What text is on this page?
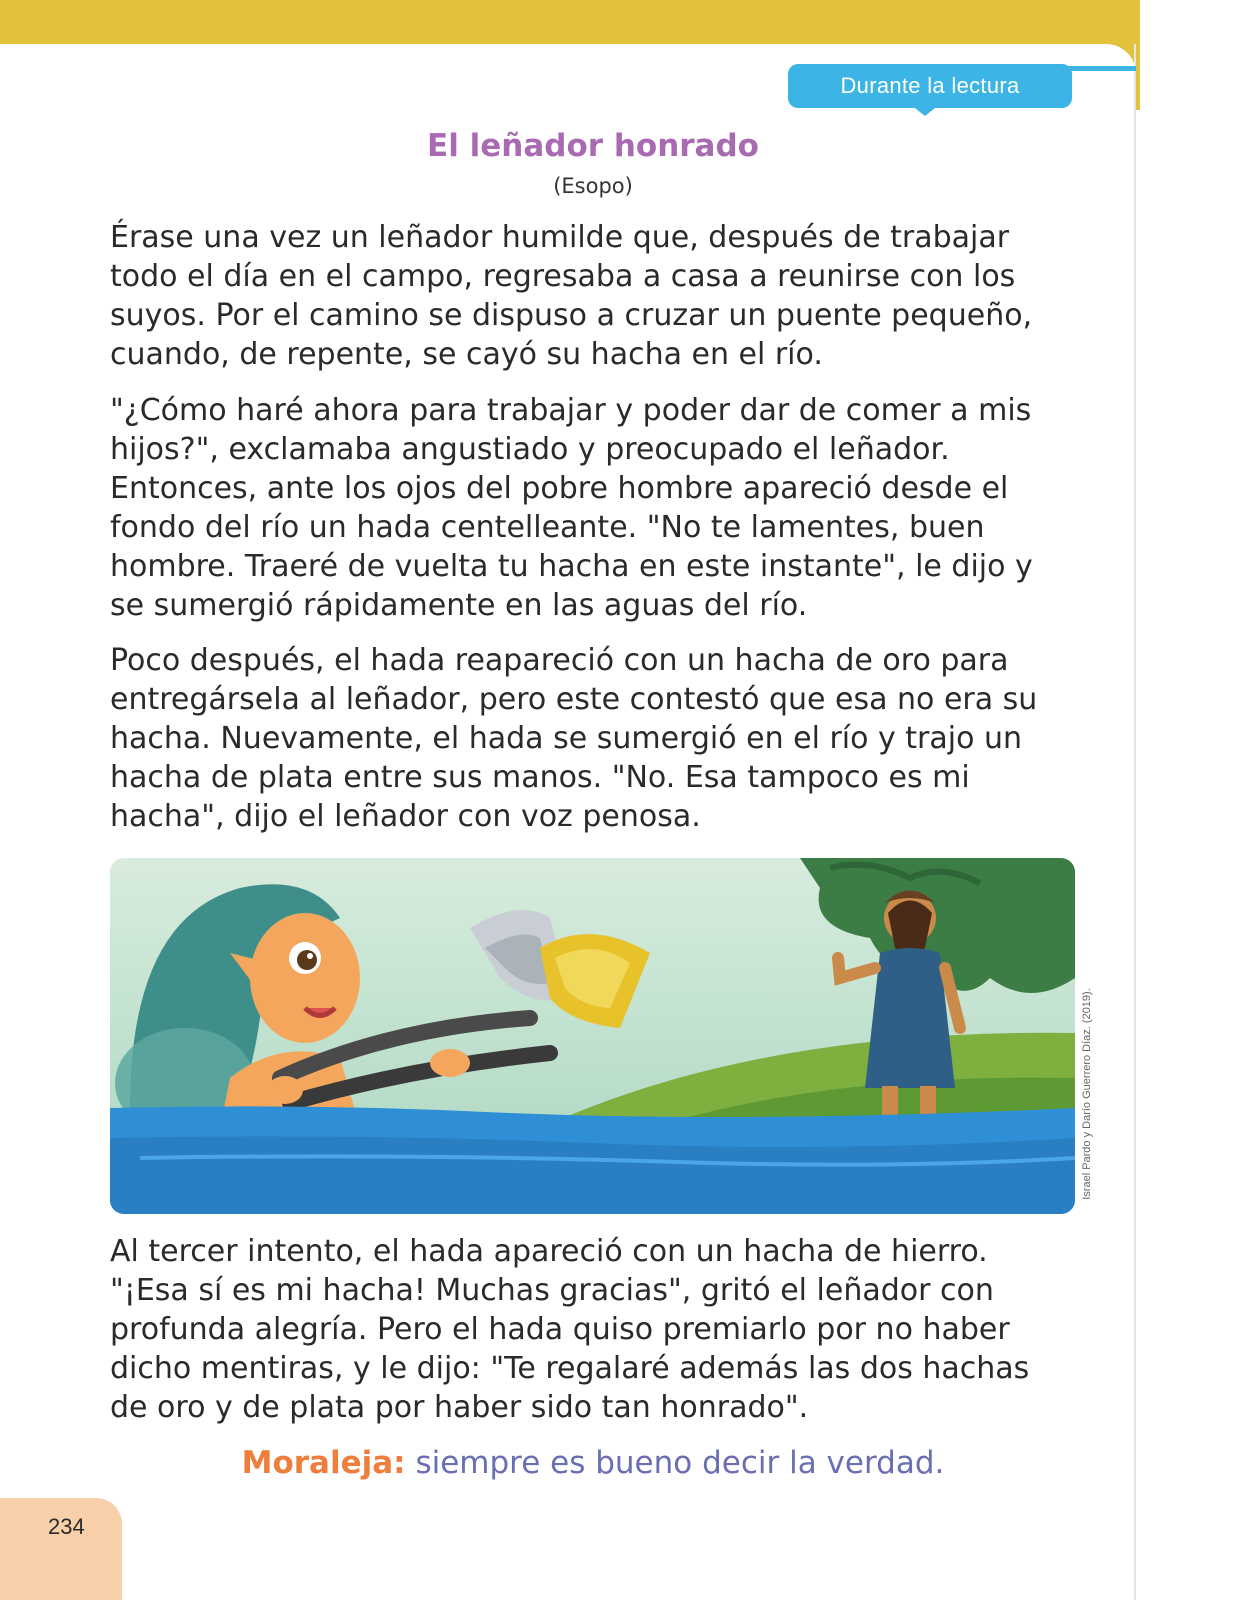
Durante la lectura
El leñador honrado
(Esopo)

Érase una vez un leñador humilde que, después de trabajar todo el día en el campo, regresaba a casa a reunirse con los suyos. Por el camino se dispuso a cruzar un puente pequeño, cuando, de repente, se cayó su hacha en el río.

"¿Cómo haré ahora para trabajar y poder dar de comer a mis hijos?", exclamaba angustiado y preocupado el leñador. Entonces, ante los ojos del pobre hombre apareció desde el fondo del río un hada centelleante. "No te lamentes, buen hombre. Traeré de vuelta tu hacha en este instante", le dijo y se sumergió rápidamente en las aguas del río.

Poco después, el hada reapareció con un hacha de oro para entregársela al leñador, pero este contestó que esa no era su hacha. Nuevamente, el hada se sumergió en el río y trajo un hacha de plata entre sus manos. "No. Esa tampoco es mi hacha", dijo el leñador con voz penosa.

Israel Pardo y Darío Guerrero Díaz. (2019).

Al tercer intento, el hada apareció con un hacha de hierro. "¡Esa sí es mi hacha! Muchas gracias", gritó el leñador con profunda alegría. Pero el hada quiso premiarlo por no haber dicho mentiras, y le dijo: "Te regalaré además las dos hachas de oro y de plata por haber sido tan honrado".

Moraleja: siempre es bueno decir la verdad.
234
